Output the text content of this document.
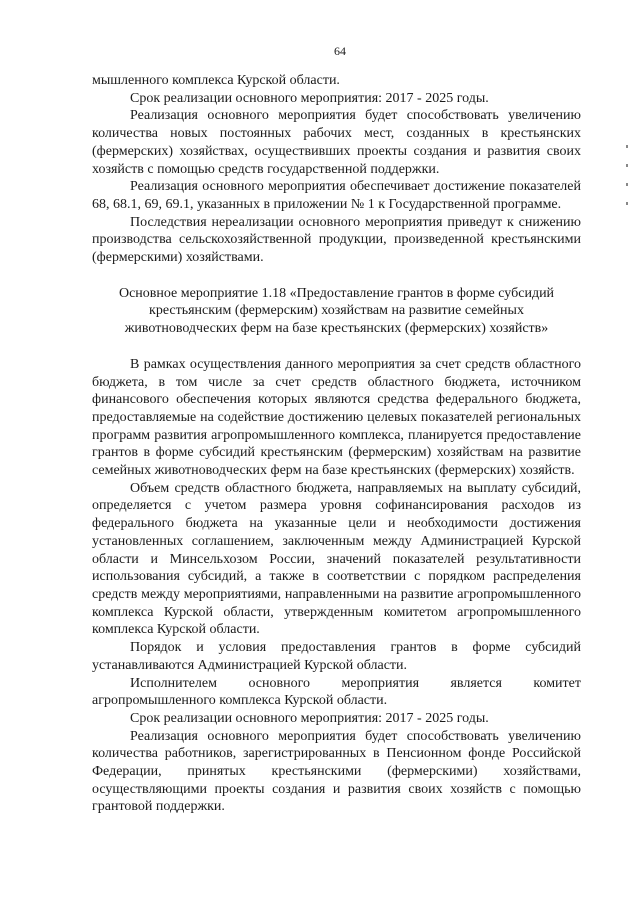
64

мышленного комплекса Курской области.

Срок реализации основного мероприятия: 2017 - 2025 годы.

Реализация основного мероприятия будет способствовать увеличению количества новых постоянных рабочих мест, созданных в крестьянских (фермерских) хозяйствах, осуществивших проекты создания и развития своих хозяйств с помощью средств государственной поддержки.

Реализация основного мероприятия обеспечивает достижение показателей 68, 68.1, 69, 69.1, указанных в приложении № 1 к Государственной программе.

Последствия нереализации основного мероприятия приведут к снижению производства сельскохозяйственной продукции, произведенной крестьянскими (фермерскими) хозяйствами.

Основное мероприятие 1.18 «Предоставление грантов в форме субсидий крестьянским (фермерским) хозяйствам на развитие семейных животноводческих ферм на базе крестьянских (фермерских) хозяйств»

В рамках осуществления данного мероприятия за счет средств областного бюджета, в том числе за счет средств областного бюджета, источником финансового обеспечения которых являются средства федерального бюджета, предоставляемые на содействие достижению целевых показателей региональных программ развития агропромышленного комплекса, планируется предоставление грантов в форме субсидий крестьянским (фермерским) хозяйствам на развитие семейных животноводческих ферм на базе крестьянских (фермерских) хозяйств.

Объем средств областного бюджета, направляемых на выплату субсидий, определяется с учетом размера уровня софинансирования расходов из федерального бюджета на указанные цели и необходимости достижения установленных соглашением, заключенным между Администрацией Курской области и Минсельхозом России, значений показателей результативности использования субсидий, а также в соответствии с порядком распределения средств между мероприятиями, направленными на развитие агропромышленного комплекса Курской области, утвержденным комитетом агропромышленного комплекса Курской области.

Порядок и условия предоставления грантов в форме субсидий устанавливаются Администрацией Курской области.

Исполнителем основного мероприятия является комитет агропромышленного комплекса Курской области.

Срок реализации основного мероприятия: 2017 - 2025 годы.

Реализация основного мероприятия будет способствовать увеличению количества работников, зарегистрированных в Пенсионном фонде Российской Федерации, принятых крестьянскими (фермерскими) хозяйствами, осуществляющими проекты создания и развития своих хозяйств с помощью грантовой поддержки.
